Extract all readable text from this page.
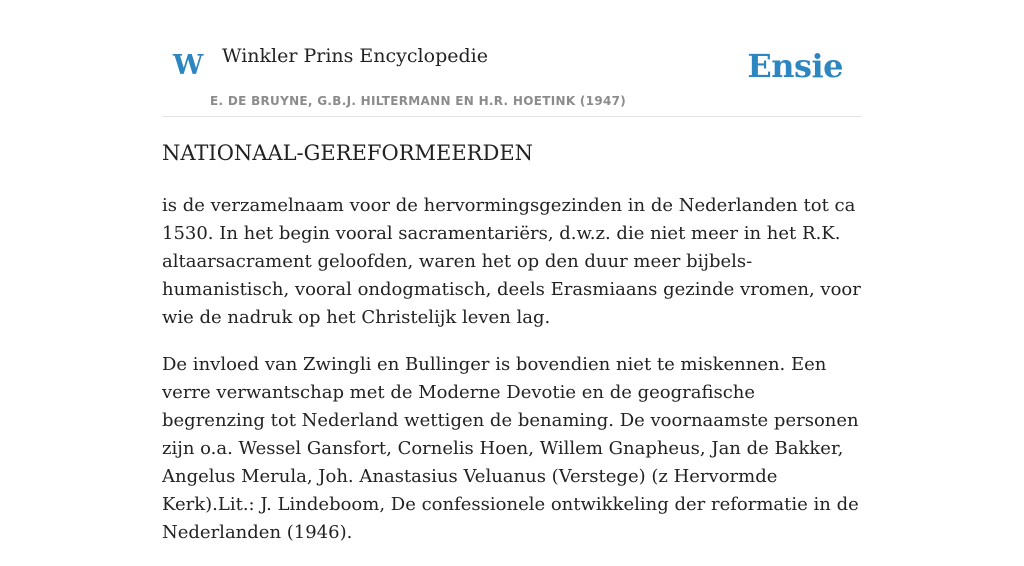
W Winkler Prins Encyclopedie
E. DE BRUYNE, G.B.J. HILTERMANN EN H.R. HOETINK (1947)
Ensie
NATIONAAL-GEREFORMEERDEN

is de verzamelnaam voor de hervormingsgezinden in de Nederlanden tot ca 1530. In het begin vooral sacramentariërs, d.w.z. die niet meer in het R.K. altaarsacrament geloofden, waren het op den duur meer bijbels-humanistisch, vooral ondogmatisch, deels Erasmiaans gezinde vromen, voor wie de nadruk op het Christelijk leven lag.

De invloed van Zwingli en Bullinger is bovendien niet te miskennen. Een verre verwantschap met de Moderne Devotie en de geografische begrenzing tot Nederland wettigen de benaming. De voornaamste personen zijn o.a. Wessel Gansfort, Cornelis Hoen, Willem Gnapheus, Jan de Bakker, Angelus Merula, Joh. Anastasius Veluanus (Verstege) (z Hervormde Kerk).Lit.: J. Lindeboom, De confessionele ontwikkeling der reformatie in de Nederlanden (1946).
